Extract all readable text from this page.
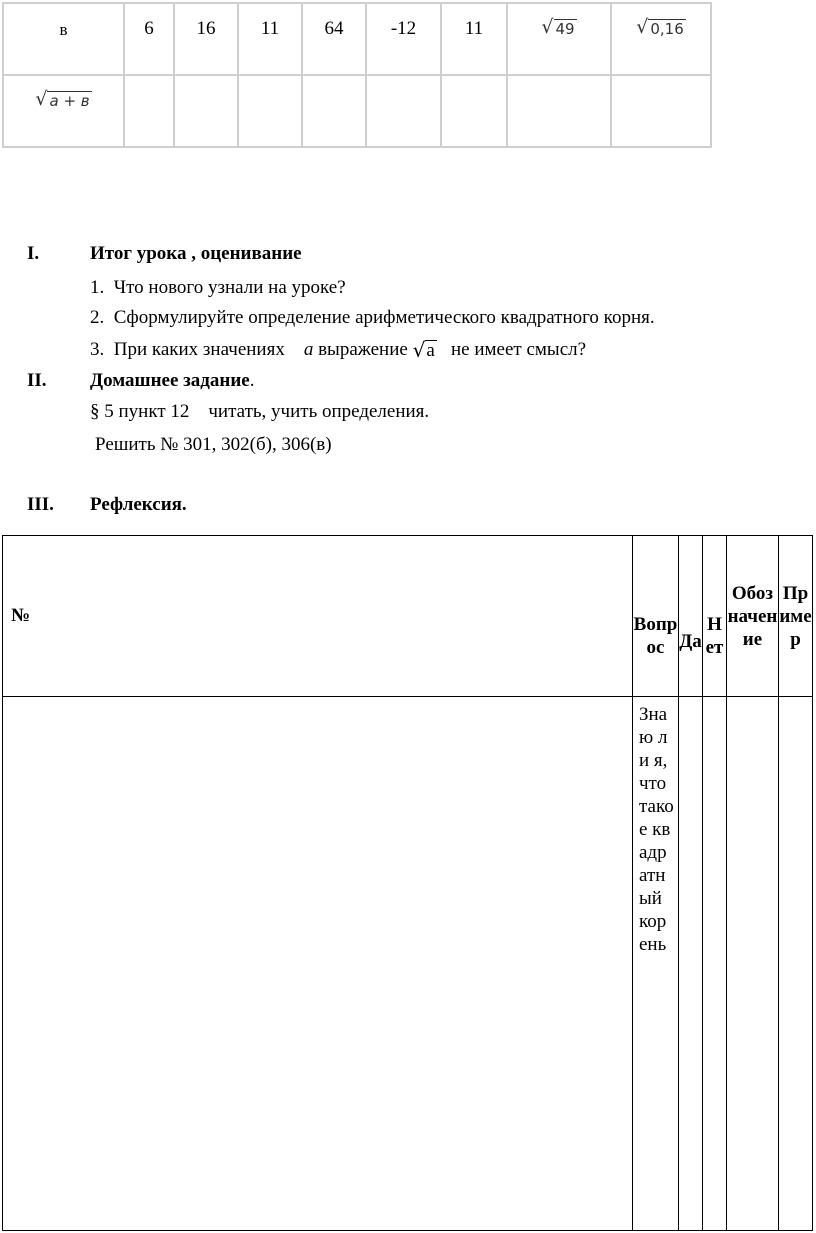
в	6	16	11	64	-12	11	√ 49	√ 0,16

√ a + в								

I.	Итог урока , оценивание
1. Что нового узнали на уроке?
2. Сформулируйте определение арифметического квадратного корня.
3. При каких значениях а выражение √ a не имеет смысл?
II. Домашнее задание.
§ 5 пункт 12 читать, учить определения.
Решить № 301, 302(б), 306(в)
III. Рефлексия.
№	Вопрос	Да	Нет	Обозначение	Пример

	Знаю ли я, что такое квадратный корень				
